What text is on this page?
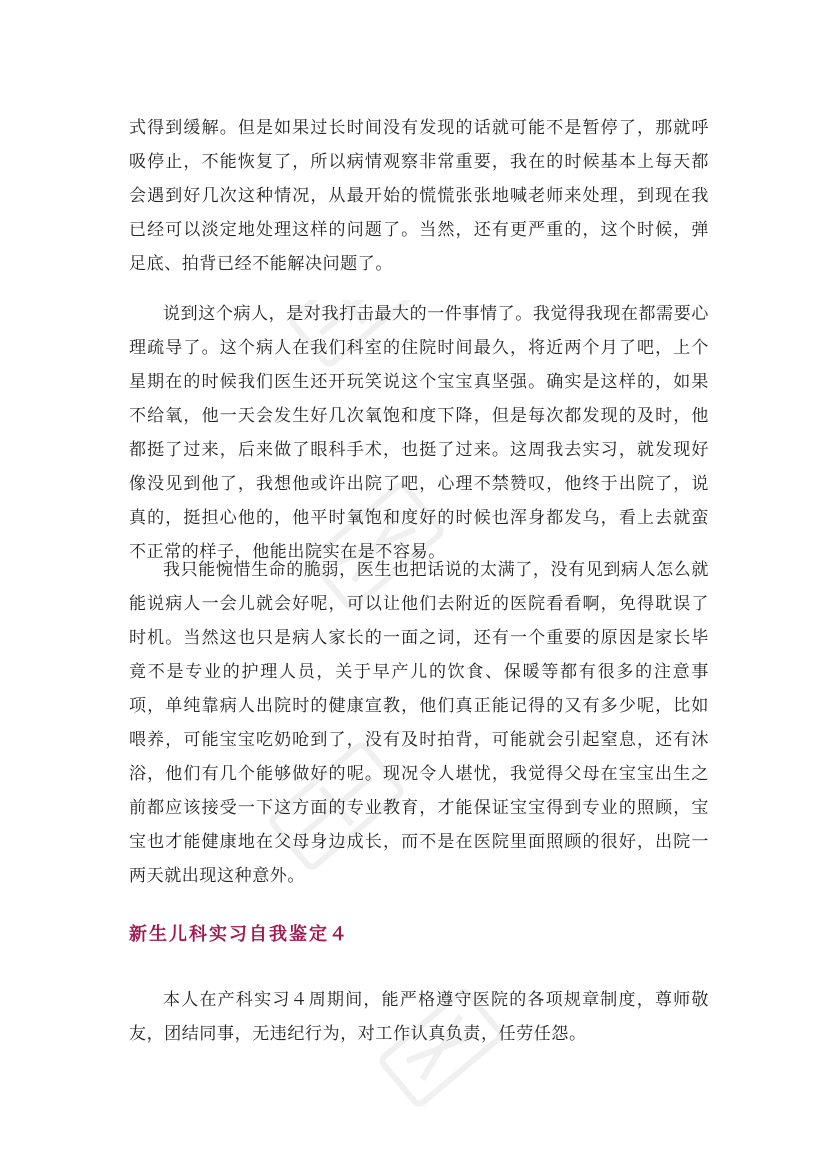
式得到缓解。但是如果过长时间没有发现的话就可能不是暂停了，那就呼吸停止，不能恢复了，所以病情观察非常重要，我在的时候基本上每天都会遇到好几次这种情况，从最开始的慌慌张张地喊老师来处理，到现在我已经可以淡定地处理这样的问题了。当然，还有更严重的，这个时候，弹足底、拍背已经不能解决问题了。

说到这个病人，是对我打击最大的一件事情了。我觉得我现在都需要心理疏导了。这个病人在我们科室的住院时间最久，将近两个月了吧，上个星期在的时候我们医生还开玩笑说这个宝宝真坚强。确实是这样的，如果不给氧，他一天会发生好几次氧饱和度下降，但是每次都发现的及时，他都挺了过来，后来做了眼科手术，也挺了过来。这周我去实习，就发现好像没见到他了，我想他或许出院了吧，心理不禁赞叹，他终于出院了，说真的，挺担心他的，他平时氧饱和度好的时候也浑身都发乌，看上去就蛮不正常的样子，他能出院实在是不容易。

我只能惋惜生命的脆弱，医生也把话说的太满了，没有见到病人怎么就能说病人一会儿就会好呢，可以让他们去附近的医院看看啊，免得耽误了时机。当然这也只是病人家长的一面之词，还有一个重要的原因是家长毕竟不是专业的护理人员，关于早产儿的饮食、保暖等都有很多的注意事项，单纯靠病人出院时的健康宣教，他们真正能记得的又有多少呢，比如喂养，可能宝宝吃奶呛到了，没有及时拍背，可能就会引起窒息，还有沐浴，他们有几个能够做好的呢。现况令人堪忧，我觉得父母在宝宝出生之前都应该接受一下这方面的专业教育，才能保证宝宝得到专业的照顾，宝宝也才能健康地在父母身边成长，而不是在医院里面照顾的很好，出院一两天就出现这种意外。

新生儿科实习自我鉴定４

本人在产科实习４周期间，能严格遵守医院的各项规章制度，尊师敬友，团结同事，无违纪行为，对工作认真负责，任劳任怨。
